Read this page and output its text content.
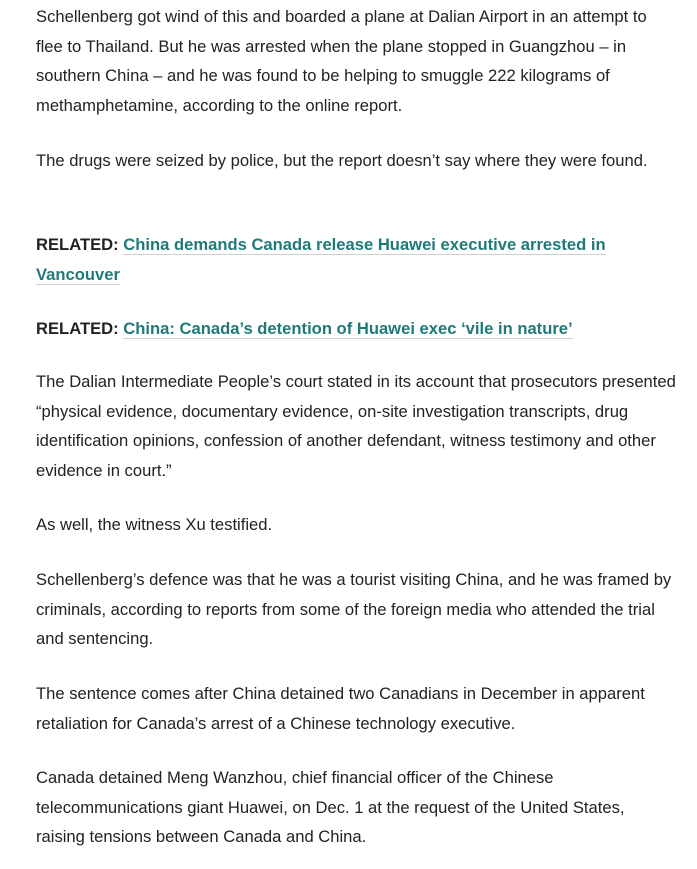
Schellenberg got wind of this and boarded a plane at Dalian Airport in an attempt to flee to Thailand. But he was arrested when the plane stopped in Guangzhou – in southern China – and he was found to be helping to smuggle 222 kilograms of methamphetamine, according to the online report.

The drugs were seized by police, but the report doesn’t say where they were found.

RELATED: China demands Canada release Huawei executive arrested in Vancouver

RELATED: China: Canada’s detention of Huawei exec ‘vile in nature’

The Dalian Intermediate People’s court stated in its account that prosecutors presented “physical evidence, documentary evidence, on-site investigation transcripts, drug identification opinions, confession of another defendant, witness testimony and other evidence in court.”

As well, the witness Xu testified.

Schellenberg’s defence was that he was a tourist visiting China, and he was framed by criminals, according to reports from some of the foreign media who attended the trial and sentencing.

The sentence comes after China detained two Canadians in December in apparent retaliation for Canada’s arrest of a Chinese technology executive.

Canada detained Meng Wanzhou, chief financial officer of the Chinese telecommunications giant Huawei, on Dec. 1 at the request of the United States, raising tensions between Canada and China.
